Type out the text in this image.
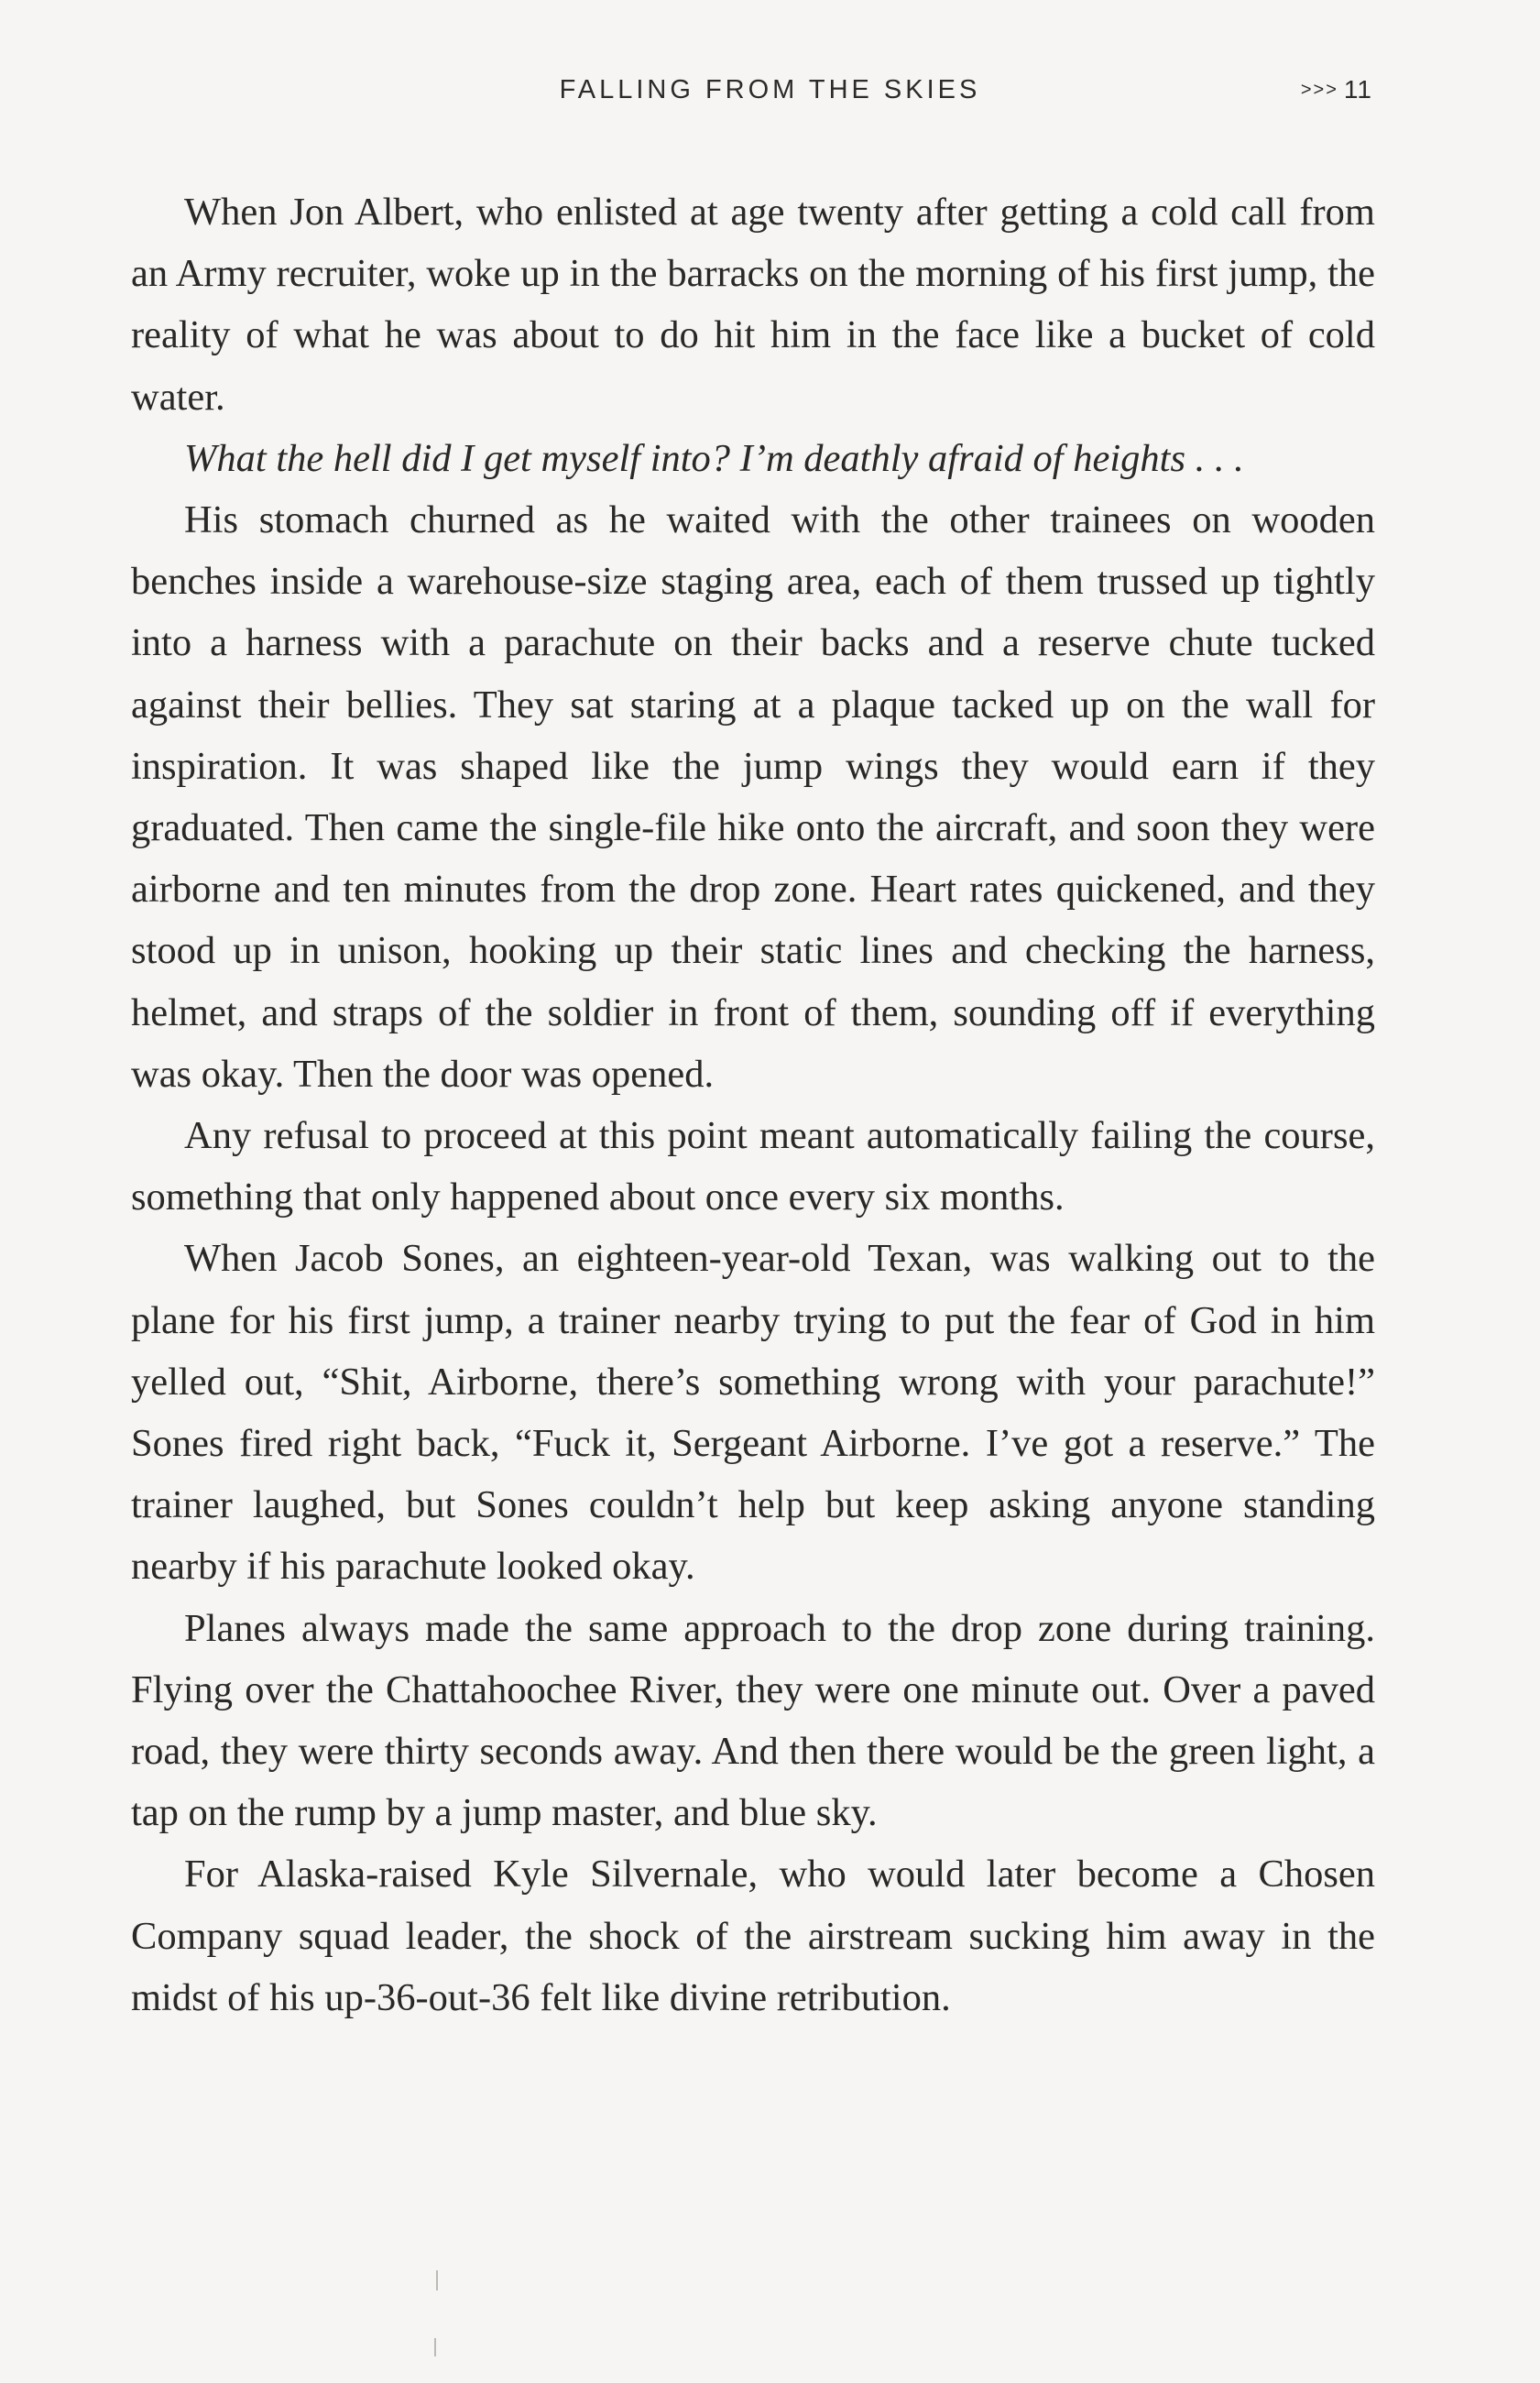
FALLING FROM THE SKIES	>>> 11

When Jon Albert, who enlisted at age twenty after getting a cold call from an Army recruiter, woke up in the barracks on the morning of his first jump, the reality of what he was about to do hit him in the face like a bucket of cold water.

What the hell did I get myself into? I’m deathly afraid of heights . . .

His stomach churned as he waited with the other trainees on wooden benches inside a warehouse-size staging area, each of them trussed up tightly into a harness with a parachute on their backs and a reserve chute tucked against their bellies. They sat staring at a plaque tacked up on the wall for inspiration. It was shaped like the jump wings they would earn if they graduated. Then came the single-file hike onto the aircraft, and soon they were airborne and ten minutes from the drop zone. Heart rates quickened, and they stood up in unison, hooking up their static lines and checking the harness, helmet, and straps of the soldier in front of them, sounding off if everything was okay. Then the door was opened.

Any refusal to proceed at this point meant automatically failing the course, something that only happened about once every six months.

When Jacob Sones, an eighteen-year-old Texan, was walking out to the plane for his first jump, a trainer nearby trying to put the fear of God in him yelled out, “Shit, Airborne, there’s something wrong with your parachute!” Sones fired right back, “Fuck it, Sergeant Airborne. I’ve got a reserve.” The trainer laughed, but Sones couldn’t help but keep asking anyone standing nearby if his parachute looked okay.

Planes always made the same approach to the drop zone during training. Flying over the Chattahoochee River, they were one minute out. Over a paved road, they were thirty seconds away. And then there would be the green light, a tap on the rump by a jump master, and blue sky.

For Alaska-raised Kyle Silvernale, who would later become a Chosen Company squad leader, the shock of the airstream sucking him away in the midst of his up-36-out-36 felt like divine retribution.
